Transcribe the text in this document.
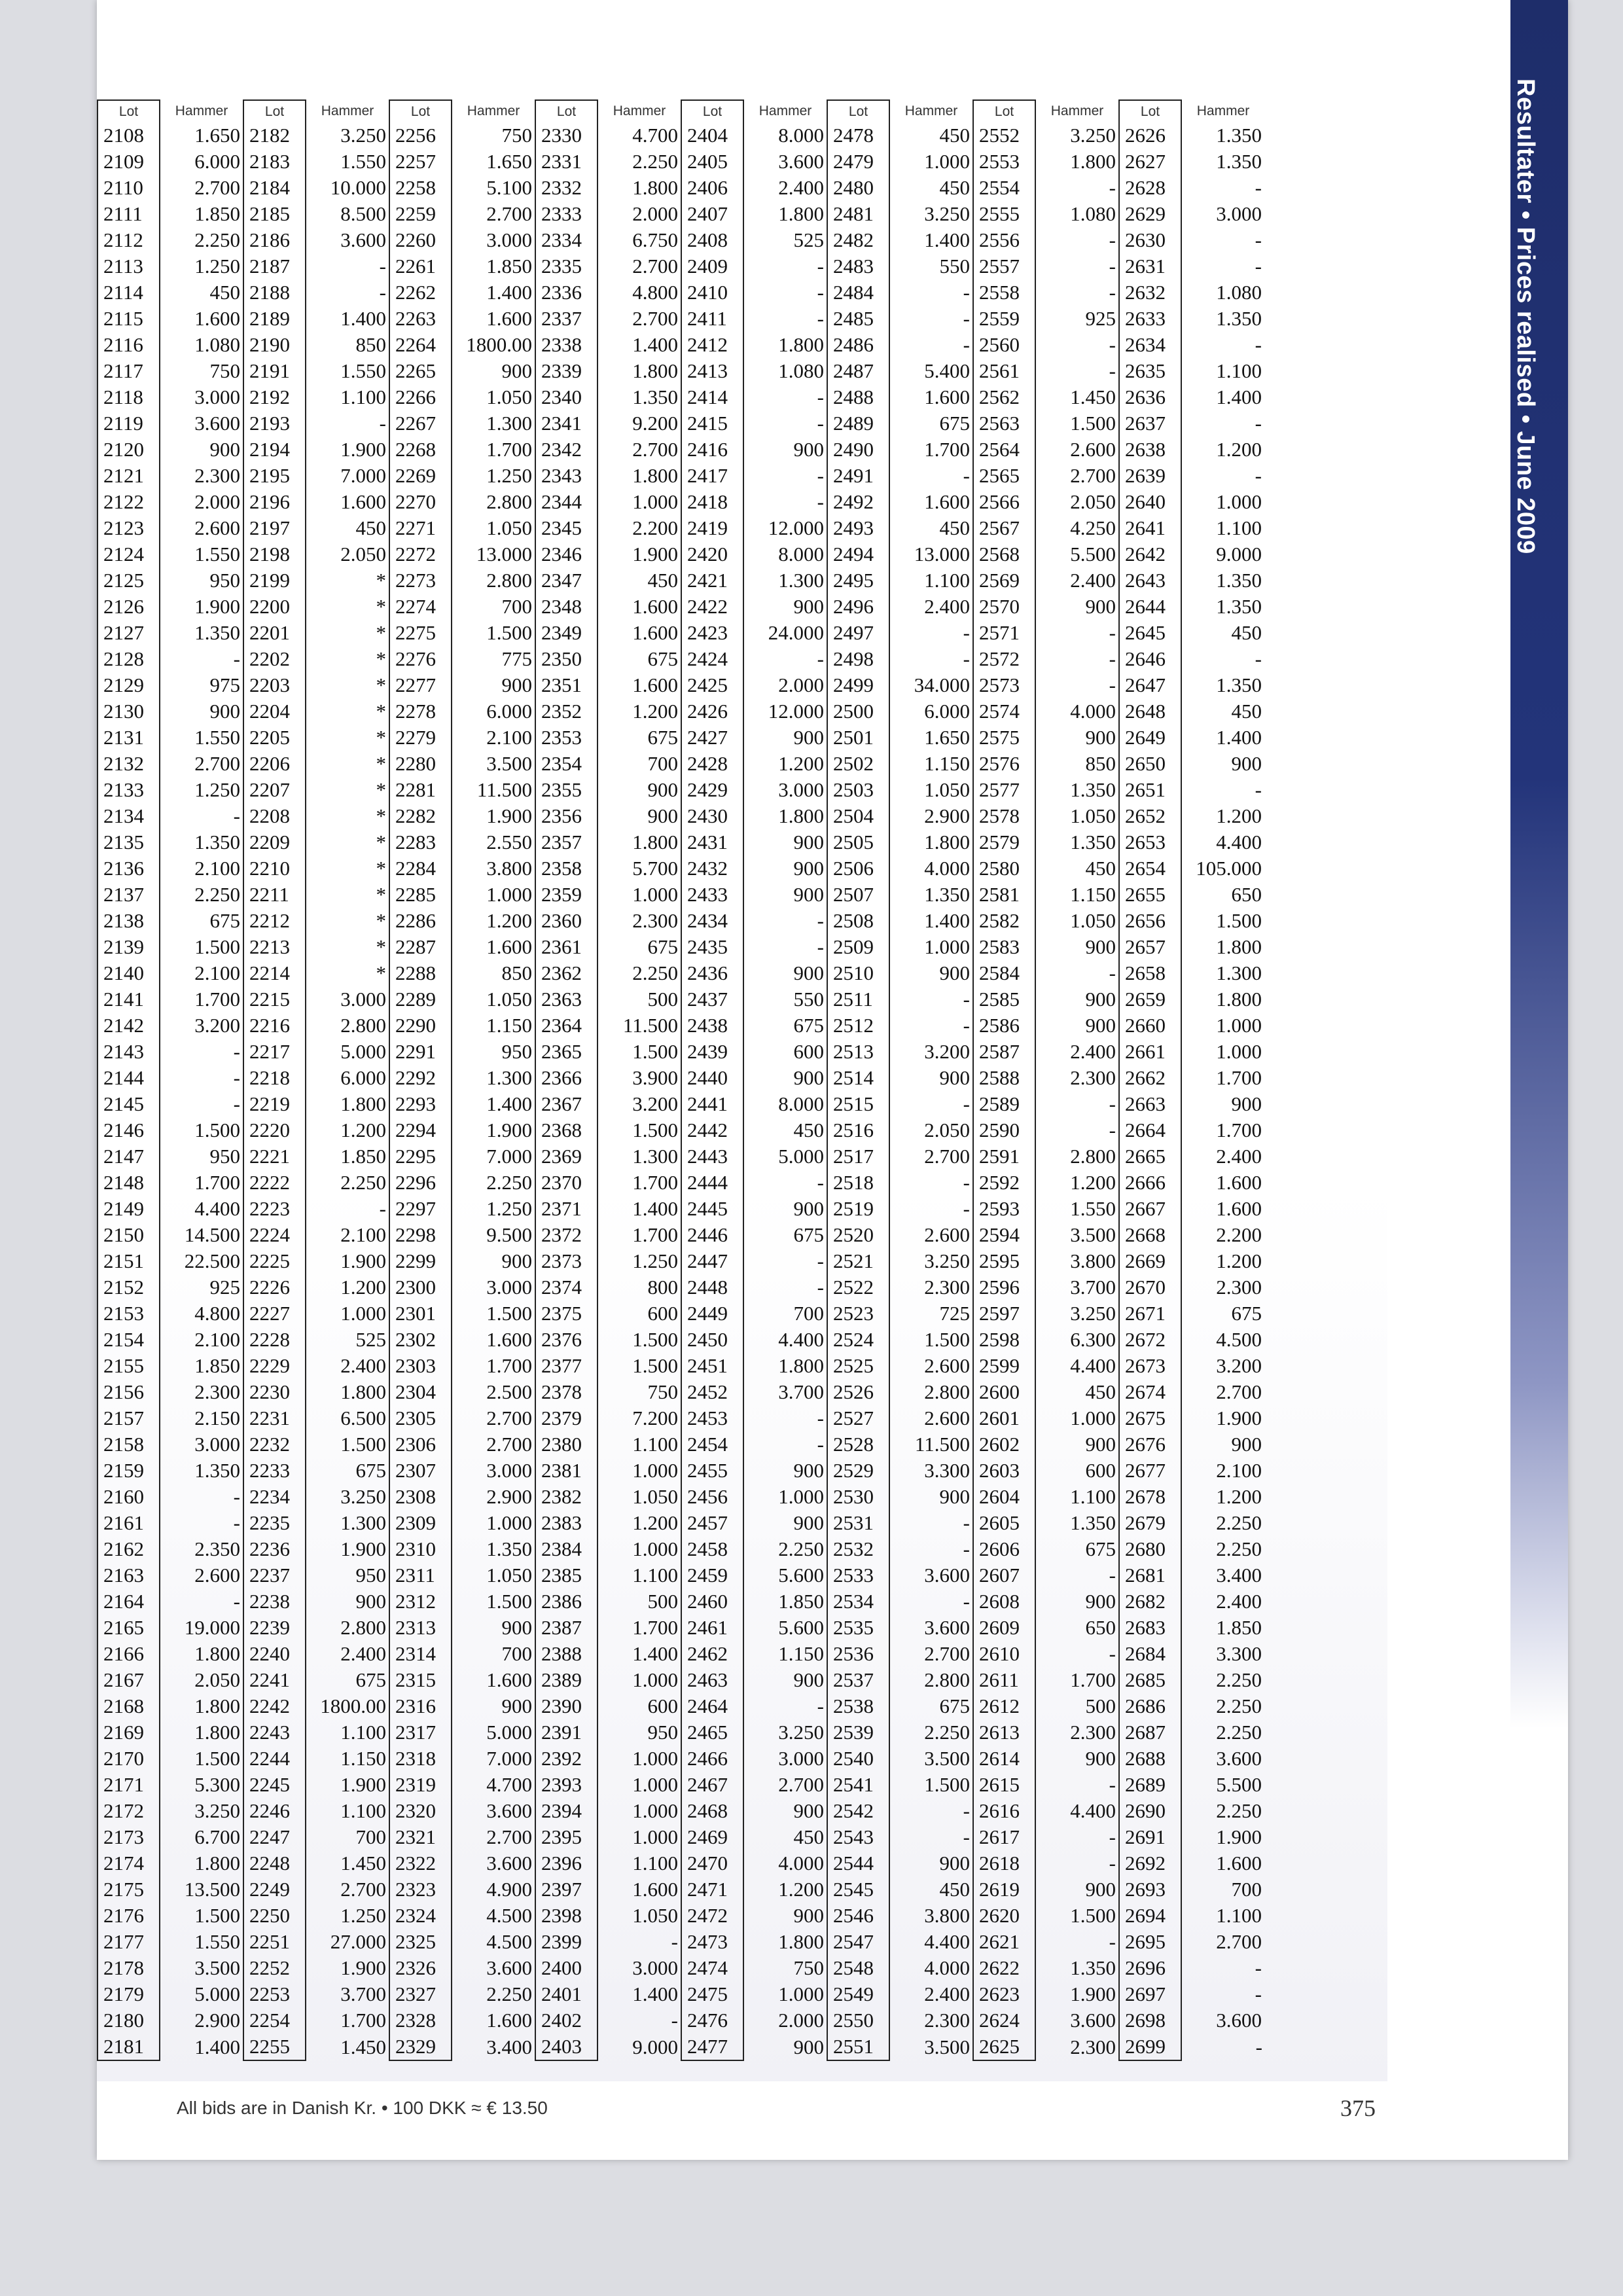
Resultater • Prices realised • June 2009
Lot	Hammer	Lot	Hammer	Lot	Hammer	Lot	Hammer	Lot	Hammer	Lot	Hammer	Lot	Hammer	Lot	Hammer
2108	1.650	2182	3.250	2256	750	2330	4.700	2404	8.000	2478	450	2552	3.250	2626	1.350
2109	6.000	2183	1.550	2257	1.650	2331	2.250	2405	3.600	2479	1.000	2553	1.800	2627	1.350
2110	2.700	2184	10.000	2258	5.100	2332	1.800	2406	2.400	2480	450	2554	-	2628	-
2111	1.850	2185	8.500	2259	2.700	2333	2.000	2407	1.800	2481	3.250	2555	1.080	2629	3.000
2112	2.250	2186	3.600	2260	3.000	2334	6.750	2408	525	2482	1.400	2556	-	2630	-
2113	1.250	2187	-	2261	1.850	2335	2.700	2409	-	2483	550	2557	-	2631	-
2114	450	2188	-	2262	1.400	2336	4.800	2410	-	2484	-	2558	-	2632	1.080
2115	1.600	2189	1.400	2263	1.600	2337	2.700	2411	-	2485	-	2559	925	2633	1.350
2116	1.080	2190	850	2264	1800.00	2338	1.400	2412	1.800	2486	-	2560	-	2634	-
2117	750	2191	1.550	2265	900	2339	1.800	2413	1.080	2487	5.400	2561	-	2635	1.100
2118	3.000	2192	1.100	2266	1.050	2340	1.350	2414	-	2488	1.600	2562	1.450	2636	1.400
2119	3.600	2193	-	2267	1.300	2341	9.200	2415	-	2489	675	2563	1.500	2637	-
2120	900	2194	1.900	2268	1.700	2342	2.700	2416	900	2490	1.700	2564	2.600	2638	1.200
2121	2.300	2195	7.000	2269	1.250	2343	1.800	2417	-	2491	-	2565	2.700	2639	-
2122	2.000	2196	1.600	2270	2.800	2344	1.000	2418	-	2492	1.600	2566	2.050	2640	1.000
2123	2.600	2197	450	2271	1.050	2345	2.200	2419	12.000	2493	450	2567	4.250	2641	1.100
2124	1.550	2198	2.050	2272	13.000	2346	1.900	2420	8.000	2494	13.000	2568	5.500	2642	9.000
2125	950	2199	*	2273	2.800	2347	450	2421	1.300	2495	1.100	2569	2.400	2643	1.350
2126	1.900	2200	*	2274	700	2348	1.600	2422	900	2496	2.400	2570	900	2644	1.350
2127	1.350	2201	*	2275	1.500	2349	1.600	2423	24.000	2497	-	2571	-	2645	450
2128	-	2202	*	2276	775	2350	675	2424	-	2498	-	2572	-	2646	-
2129	975	2203	*	2277	900	2351	1.600	2425	2.000	2499	34.000	2573	-	2647	1.350
2130	900	2204	*	2278	6.000	2352	1.200	2426	12.000	2500	6.000	2574	4.000	2648	450
2131	1.550	2205	*	2279	2.100	2353	675	2427	900	2501	1.650	2575	900	2649	1.400
2132	2.700	2206	*	2280	3.500	2354	700	2428	1.200	2502	1.150	2576	850	2650	900
2133	1.250	2207	*	2281	11.500	2355	900	2429	3.000	2503	1.050	2577	1.350	2651	-
2134	-	2208	*	2282	1.900	2356	900	2430	1.800	2504	2.900	2578	1.050	2652	1.200
2135	1.350	2209	*	2283	2.550	2357	1.800	2431	900	2505	1.800	2579	1.350	2653	4.400
2136	2.100	2210	*	2284	3.800	2358	5.700	2432	900	2506	4.000	2580	450	2654	105.000
2137	2.250	2211	*	2285	1.000	2359	1.000	2433	900	2507	1.350	2581	1.150	2655	650
2138	675	2212	*	2286	1.200	2360	2.300	2434	-	2508	1.400	2582	1.050	2656	1.500
2139	1.500	2213	*	2287	1.600	2361	675	2435	-	2509	1.000	2583	900	2657	1.800
2140	2.100	2214	*	2288	850	2362	2.250	2436	900	2510	900	2584	-	2658	1.300
2141	1.700	2215	3.000	2289	1.050	2363	500	2437	550	2511	-	2585	900	2659	1.800
2142	3.200	2216	2.800	2290	1.150	2364	11.500	2438	675	2512	-	2586	900	2660	1.000
2143	-	2217	5.000	2291	950	2365	1.500	2439	600	2513	3.200	2587	2.400	2661	1.000
2144	-	2218	6.000	2292	1.300	2366	3.900	2440	900	2514	900	2588	2.300	2662	1.700
2145	-	2219	1.800	2293	1.400	2367	3.200	2441	8.000	2515	-	2589	-	2663	900
2146	1.500	2220	1.200	2294	1.900	2368	1.500	2442	450	2516	2.050	2590	-	2664	1.700
2147	950	2221	1.850	2295	7.000	2369	1.300	2443	5.000	2517	2.700	2591	2.800	2665	2.400
2148	1.700	2222	2.250	2296	2.250	2370	1.700	2444	-	2518	-	2592	1.200	2666	1.600
2149	4.400	2223	-	2297	1.250	2371	1.400	2445	900	2519	-	2593	1.550	2667	1.600
2150	14.500	2224	2.100	2298	9.500	2372	1.700	2446	675	2520	2.600	2594	3.500	2668	2.200
2151	22.500	2225	1.900	2299	900	2373	1.250	2447	-	2521	3.250	2595	3.800	2669	1.200
2152	925	2226	1.200	2300	3.000	2374	800	2448	-	2522	2.300	2596	3.700	2670	2.300
2153	4.800	2227	1.000	2301	1.500	2375	600	2449	700	2523	725	2597	3.250	2671	675
2154	2.100	2228	525	2302	1.600	2376	1.500	2450	4.400	2524	1.500	2598	6.300	2672	4.500
2155	1.850	2229	2.400	2303	1.700	2377	1.500	2451	1.800	2525	2.600	2599	4.400	2673	3.200
2156	2.300	2230	1.800	2304	2.500	2378	750	2452	3.700	2526	2.800	2600	450	2674	2.700
2157	2.150	2231	6.500	2305	2.700	2379	7.200	2453	-	2527	2.600	2601	1.000	2675	1.900
2158	3.000	2232	1.500	2306	2.700	2380	1.100	2454	-	2528	11.500	2602	900	2676	900
2159	1.350	2233	675	2307	3.000	2381	1.000	2455	900	2529	3.300	2603	600	2677	2.100
2160	-	2234	3.250	2308	2.900	2382	1.050	2456	1.000	2530	900	2604	1.100	2678	1.200
2161	-	2235	1.300	2309	1.000	2383	1.200	2457	900	2531	-	2605	1.350	2679	2.250
2162	2.350	2236	1.900	2310	1.350	2384	1.000	2458	2.250	2532	-	2606	675	2680	2.250
2163	2.600	2237	950	2311	1.050	2385	1.100	2459	5.600	2533	3.600	2607	-	2681	3.400
2164	-	2238	900	2312	1.500	2386	500	2460	1.850	2534	-	2608	900	2682	2.400
2165	19.000	2239	2.800	2313	900	2387	1.700	2461	5.600	2535	3.600	2609	650	2683	1.850
2166	1.800	2240	2.400	2314	700	2388	1.400	2462	1.150	2536	2.700	2610	-	2684	3.300
2167	2.050	2241	675	2315	1.600	2389	1.000	2463	900	2537	2.800	2611	1.700	2685	2.250
2168	1.800	2242	1800.00	2316	900	2390	600	2464	-	2538	675	2612	500	2686	2.250
2169	1.800	2243	1.100	2317	5.000	2391	950	2465	3.250	2539	2.250	2613	2.300	2687	2.250
2170	1.500	2244	1.150	2318	7.000	2392	1.000	2466	3.000	2540	3.500	2614	900	2688	3.600
2171	5.300	2245	1.900	2319	4.700	2393	1.000	2467	2.700	2541	1.500	2615	-	2689	5.500
2172	3.250	2246	1.100	2320	3.600	2394	1.000	2468	900	2542	-	2616	4.400	2690	2.250
2173	6.700	2247	700	2321	2.700	2395	1.000	2469	450	2543	-	2617	-	2691	1.900
2174	1.800	2248	1.450	2322	3.600	2396	1.100	2470	4.000	2544	900	2618	-	2692	1.600
2175	13.500	2249	2.700	2323	4.900	2397	1.600	2471	1.200	2545	450	2619	900	2693	700
2176	1.500	2250	1.250	2324	4.500	2398	1.050	2472	900	2546	3.800	2620	1.500	2694	1.100
2177	1.550	2251	27.000	2325	4.500	2399	-	2473	1.800	2547	4.400	2621	-	2695	2.700
2178	3.500	2252	1.900	2326	3.600	2400	3.000	2474	750	2548	4.000	2622	1.350	2696	-
2179	5.000	2253	3.700	2327	2.250	2401	1.400	2475	1.000	2549	2.400	2623	1.900	2697	-
2180	2.900	2254	1.700	2328	1.600	2402	-	2476	2.000	2550	2.300	2624	3.600	2698	3.600
2181	1.400	2255	1.450	2329	3.400	2403	9.000	2477	900	2551	3.500	2625	2.300	2699	-
All bids are in Danish Kr. • 100 DKK ≈ € 13.50	375
